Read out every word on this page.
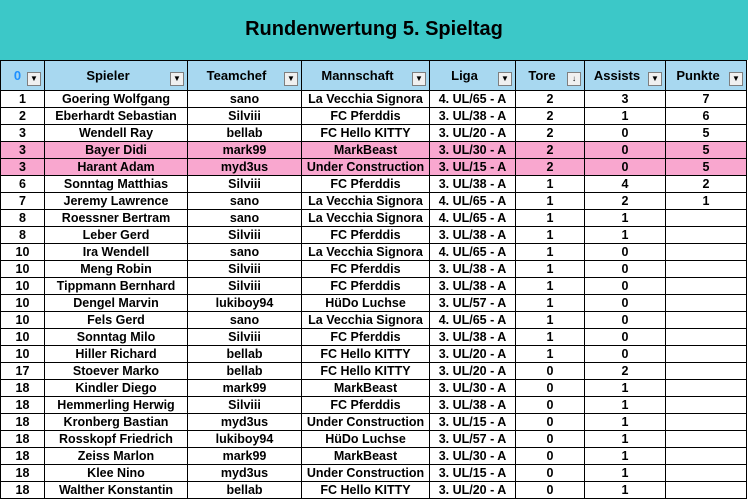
Rundenwertung 5. Spieltag
0 ▼	Spieler ▼	Teamchef ▼	Mannschaft ▼	Liga ▼	Tore ↓	Assists ▼	Punkte ▼

1	Goering Wolfgang	sano	La Vecchia Signora	4. UL/65 - A	2	3	7
2	Eberhardt Sebastian	Silviii	FC Pferddis	3. UL/38 - A	2	1	6
3	Wendell Ray	bellab	FC Hello KITTY	3. UL/20 - A	2	0	5
3	Bayer Didi	mark99	MarkBeast	3. UL/30 - A	2	0	5
3	Harant Adam	myd3us	Under Construction	3. UL/15 - A	2	0	5
6	Sonntag Matthias	Silviii	FC Pferddis	3. UL/38 - A	1	4	2
7	Jeremy Lawrence	sano	La Vecchia Signora	4. UL/65 - A	1	2	1
8	Roessner Bertram	sano	La Vecchia Signora	4. UL/65 - A	1	1	
8	Leber Gerd	Silviii	FC Pferddis	3. UL/38 - A	1	1	
10	Ira Wendell	sano	La Vecchia Signora	4. UL/65 - A	1	0	
10	Meng Robin	Silviii	FC Pferddis	3. UL/38 - A	1	0	
10	Tippmann Bernhard	Silviii	FC Pferddis	3. UL/38 - A	1	0	
10	Dengel Marvin	lukiboy94	HüDo Luchse	3. UL/57 - A	1	0	
10	Fels Gerd	sano	La Vecchia Signora	4. UL/65 - A	1	0	
10	Sonntag Milo	Silviii	FC Pferddis	3. UL/38 - A	1	0	
10	Hiller Richard	bellab	FC Hello KITTY	3. UL/20 - A	1	0	
17	Stoever Marko	bellab	FC Hello KITTY	3. UL/20 - A	0	2	
18	Kindler Diego	mark99	MarkBeast	3. UL/30 - A	0	1	
18	Hemmerling Herwig	Silviii	FC Pferddis	3. UL/38 - A	0	1	
18	Kronberg Bastian	myd3us	Under Construction	3. UL/15 - A	0	1	
18	Rosskopf Friedrich	lukiboy94	HüDo Luchse	3. UL/57 - A	0	1	
18	Zeiss Marlon	mark99	MarkBeast	3. UL/30 - A	0	1	
18	Klee Nino	myd3us	Under Construction	3. UL/15 - A	0	1	
18	Walther Konstantin	bellab	FC Hello KITTY	3. UL/20 - A	0	1	
